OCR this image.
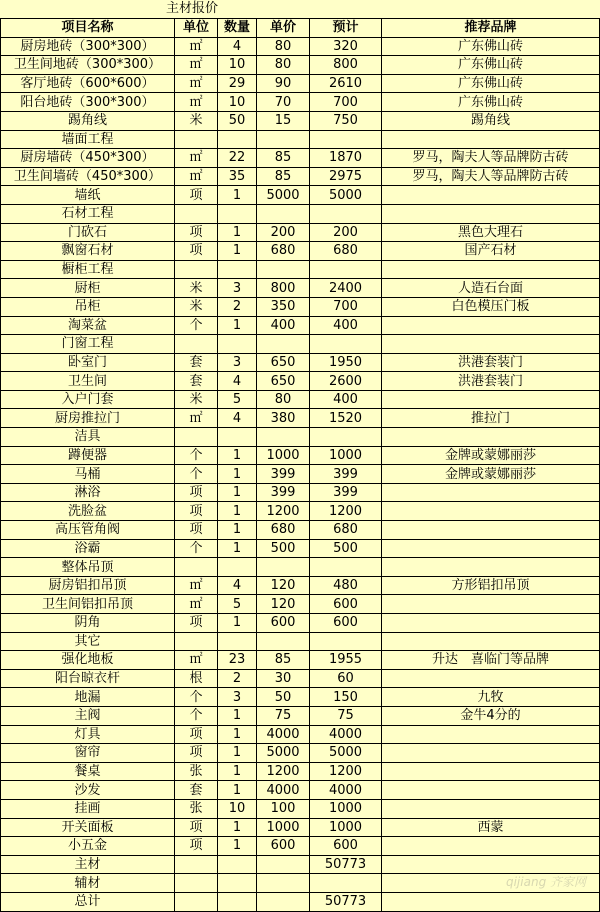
主材报价
项目名称	单位	数量	单价	预计	推荐品牌
厨房地砖（300*300）	㎡	4	80	320	广东佛山砖
卫生间地砖（300*300）	㎡	10	80	800	广东佛山砖
客厅地砖（600*600）	㎡	29	90	2610	广东佛山砖
阳台地砖（300*300）	㎡	10	70	700	广东佛山砖
踢角线	米	50	15	750	踢角线
墙面工程					
厨房墙砖（450*300）	㎡	22	85	1870	罗马，陶夫人等品牌防古砖
卫生间墙砖（450*300）	㎡	35	85	2975	罗马，陶夫人等品牌防古砖
墙纸	项	1	5000	5000	
石材工程					
门砍石	项	1	200	200	黑色大理石
飘窗石材	项	1	680	680	国产石材
橱柜工程					
厨柜	米	3	800	2400	人造石台面
吊柜	米	2	350	700	白色模压门板
淘菜盆	个	1	400	400	
门窗工程					
卧室门	套	3	650	1950	洪港套装门
卫生间	套	4	650	2600	洪港套装门
入户门套	米	5	80	400	
厨房推拉门	㎡	4	380	1520	推拉门
洁具					
蹲便器	个	1	1000	1000	金牌或蒙娜丽莎
马桶	个	1	399	399	金牌或蒙娜丽莎
淋浴	项	1	399	399	
洗脸盆	项	1	1200	1200	
高压管角阀	项	1	680	680	
浴霸	个	1	500	500	
整体吊顶					
厨房铝扣吊顶	㎡	4	120	480	方形铝扣吊顶
卫生间铝扣吊顶	㎡	5	120	600	
阴角	项	1	600	600	
其它					
强化地板	㎡	23	85	1955	升达　喜临门等品牌
阳台晾衣杆	根	2	30	60	
地漏	个	3	50	150	九牧
主阀	个	1	75	75	金牛4分的
灯具	项	1	4000	4000	
窗帘	项	1	5000	5000	
餐桌	张	1	1200	1200	
沙发	套	1	4000	4000	
挂画	张	10	100	1000	
开关面板	项	1	1000	1000	西蒙
小五金	项	1	600	600	
主材				50773	
辅材					
总计				50773	
qijiang 齐家网
